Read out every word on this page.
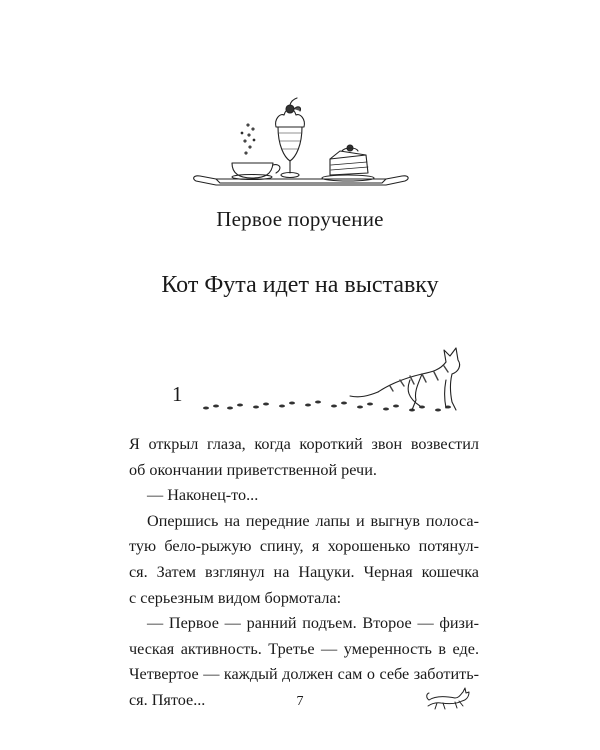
Первое поручение
Кот Фута идет на выставку
1

Я открыл глаза, когда короткий звон возвестил

об окончании приветственной речи.

— Наконец-то...

Опершись на передние лапы и выгнув полоса-

тую бело-рыжую спину, я хорошенько потянул-

ся. Затем взглянул на Нацуки. Черная кошечка

с серьезным видом бормотала:

— Первое — ранний подъем. Второе — физи-

ческая активность. Третье — умеренность в еде.

Четвертое — каждый должен сам о себе заботить-

ся. Пятое...	7
